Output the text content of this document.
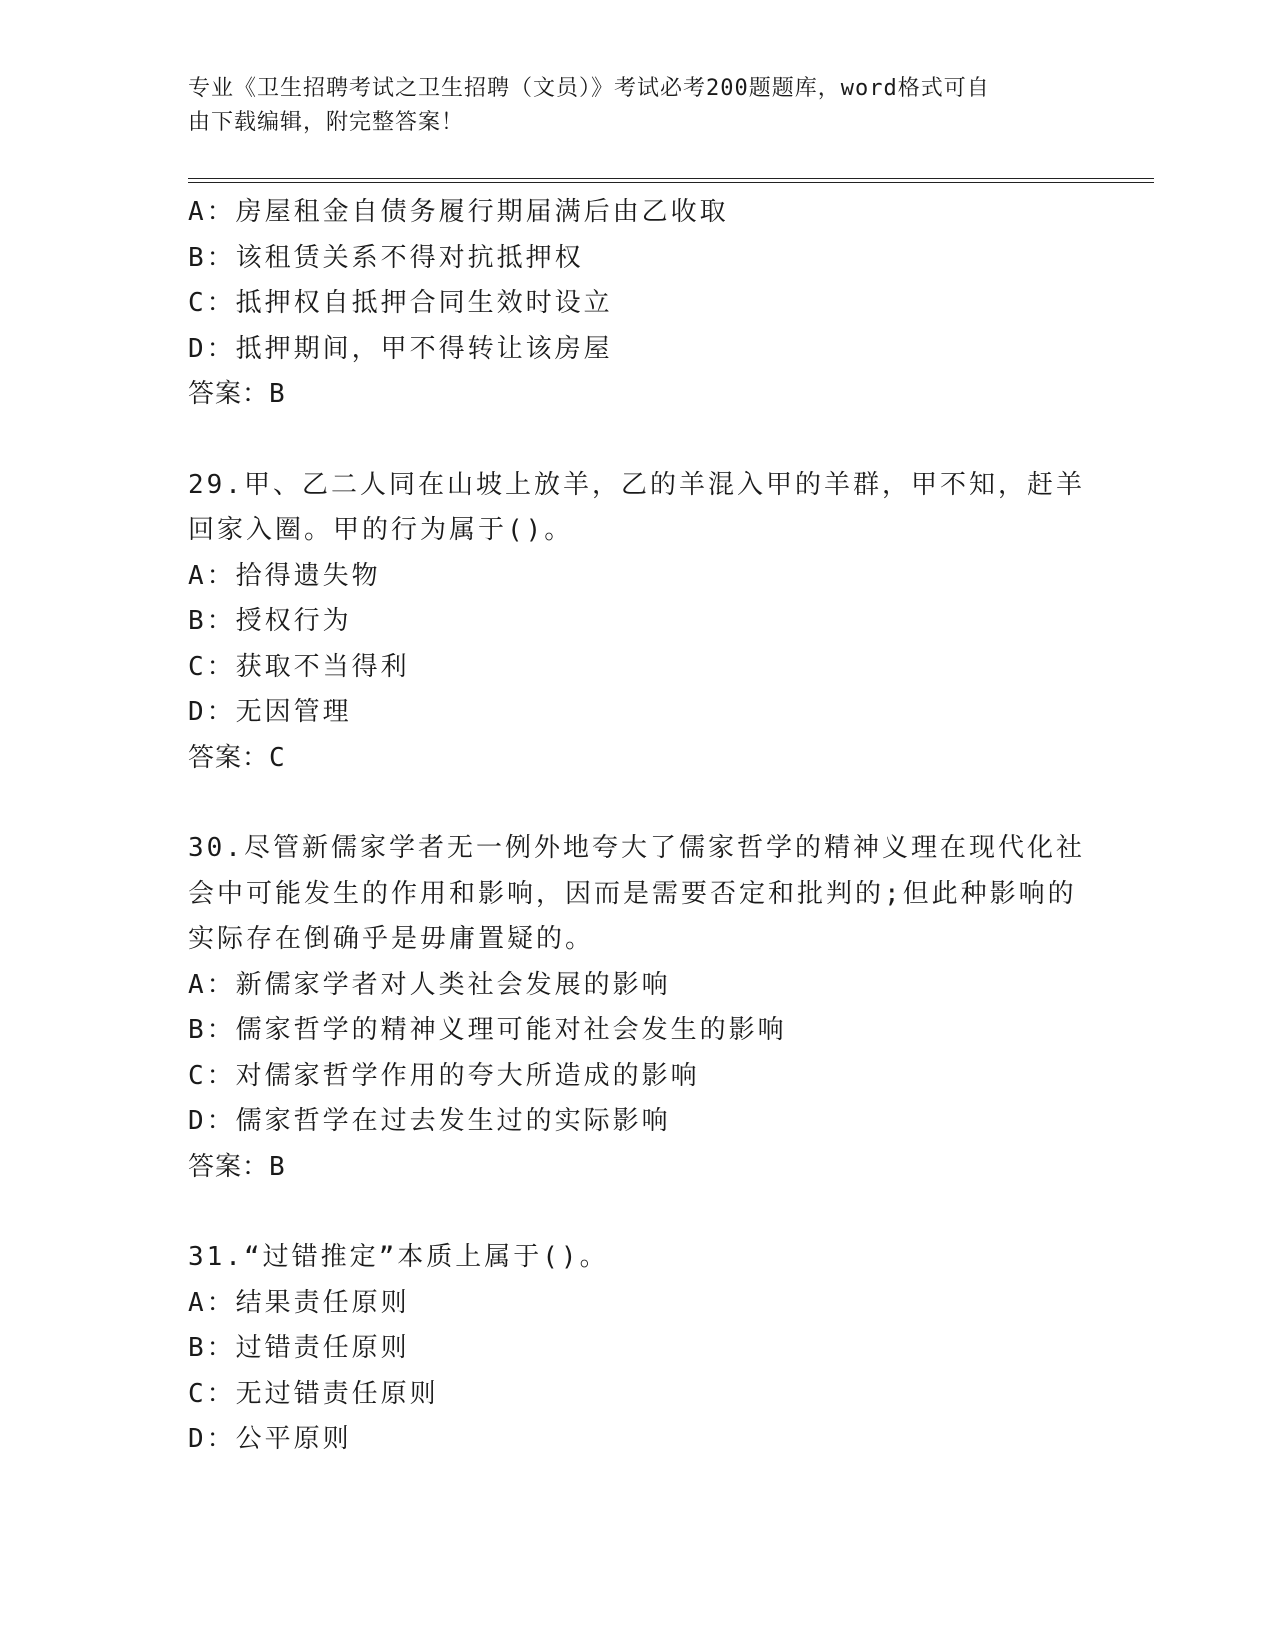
专业《卫生招聘考试之卫生招聘（文员）》考试必考200题题库，word格式可自
由下载编辑，附完整答案！
A：房屋租金自债务履行期届满后由乙收取
B：该租赁关系不得对抗抵押权
C：抵押权自抵押合同生效时设立
D：抵押期间，甲不得转让该房屋
答案：B
29.甲、乙二人同在山坡上放羊，乙的羊混入甲的羊群，甲不知，赶羊
回家入圈。甲的行为属于()。
A：拾得遗失物
B：授权行为
C：获取不当得利
D：无因管理
答案：C
30.尽管新儒家学者无一例外地夸大了儒家哲学的精神义理在现代化社
会中可能发生的作用和影响，因而是需要否定和批判的;但此种影响的
实际存在倒确乎是毋庸置疑的。
A：新儒家学者对人类社会发展的影响
B：儒家哲学的精神义理可能对社会发生的影响
C：对儒家哲学作用的夸大所造成的影响
D：儒家哲学在过去发生过的实际影响
答案：B
31.“过错推定”本质上属于()。
A：结果责任原则
B：过错责任原则
C：无过错责任原则
D：公平原则
